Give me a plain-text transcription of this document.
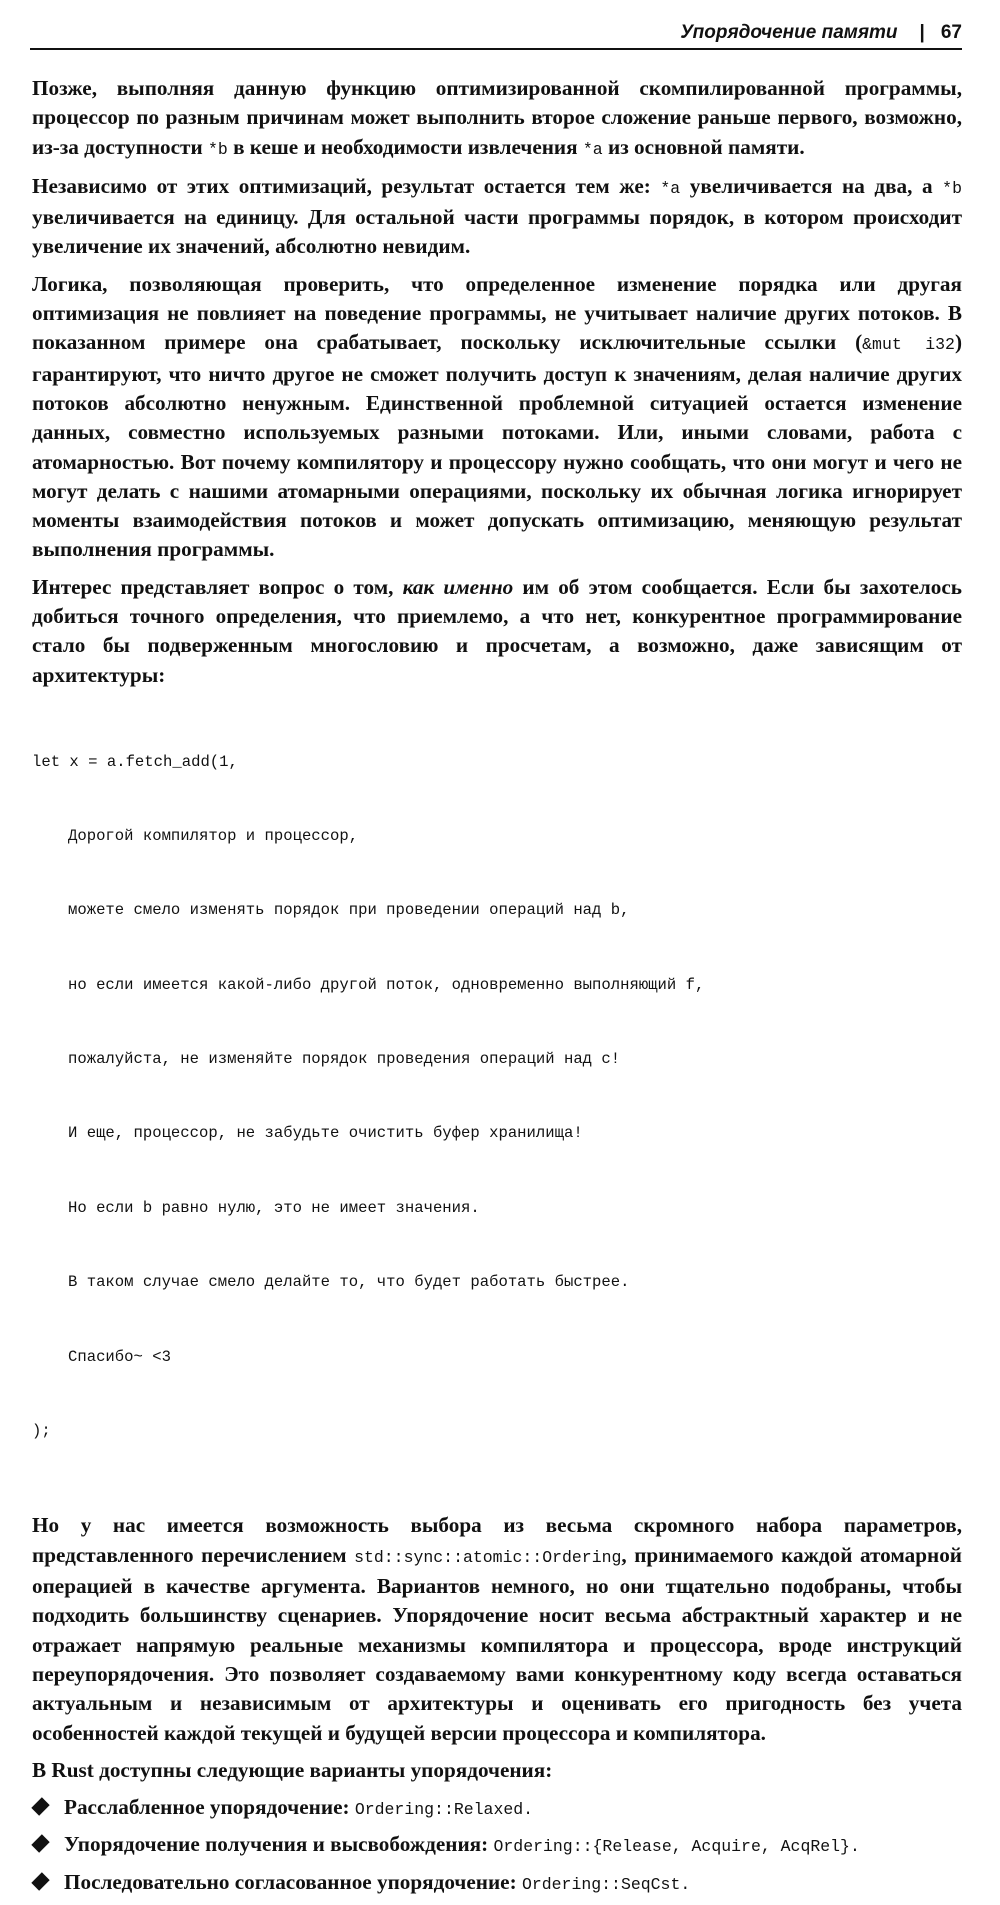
Упорядочение памяти | 67

Позже, выполняя данную функцию оптимизированной скомпилированной программы, процессор по разным причинам может выполнить второе сложение раньше первого, возможно, из-за доступности *b в кеше и необходимости извлечения *a из основной памяти.

Независимо от этих оптимизаций, результат остается тем же: *a увеличивается на два, а *b увеличивается на единицу. Для остальной части программы порядок, в котором происходит увеличение их значений, абсолютно невидим.

Логика, позволяющая проверить, что определенное изменение порядка или другая оптимизация не повлияет на поведение программы, не учитывает наличие других потоков. В показанном примере она срабатывает, поскольку исключительные ссылки (&mut i32) гарантируют, что ничто другое не сможет получить доступ к значениям, делая наличие других потоков абсолютно ненужным. Единственной проблемной ситуацией остается изменение данных, совместно используемых разными потоками. Или, иными словами, работа с атомарностью. Вот почему компилятору и процессору нужно сообщать, что они могут и чего не могут делать с нашими атомарными операциями, поскольку их обычная логика игнорирует моменты взаимодействия потоков и может допускать оптимизацию, меняющую результат выполнения программы.

Интерес представляет вопрос о том, как именно им об этом сообщается. Если бы захотелось добиться точного определения, что приемлемо, а что нет, конкурентное программирование стало бы подверженным многословию и просчетам, а возможно, даже зависящим от архитектуры:

let x = a.fetch_add(1,

Дорогой компилятор и процессор,

можете смело изменять порядок при проведении операций над b,

но если имеется какой-либо другой поток, одновременно выполняющий f,

пожалуйста, не изменяйте порядок проведения операций над c!

И еще, процессор, не забудьте очистить буфер хранилища!

Но если b равно нулю, это не имеет значения.

В таком случае смело делайте то, что будет работать быстрее.

Спасибо~ <3

);

Но у нас имеется возможность выбора из весьма скромного набора параметров, представленного перечислением std::sync::atomic::Ordering, принимаемого каждой атомарной операцией в качестве аргумента. Вариантов немного, но они тщательно подобраны, чтобы подходить большинству сценариев. Упорядочение носит весьма абстрактный характер и не отражает напрямую реальные механизмы компилятора и процессора, вроде инструкций переупорядочения. Это позволяет создаваемому вами конкурентному коду всегда оставаться актуальным и независимым от архитектуры и оценивать его пригодность без учета особенностей каждой текущей и будущей версии процессора и компилятора.

В Rust доступны следующие варианты упорядочения:

Расслабленное упорядочение: Ordering::Relaxed.
Упорядочение получения и высвобождения: Ordering::{Release, Acquire, AcqRel}.
Последовательно согласованное упорядочение: Ordering::SeqCst.
